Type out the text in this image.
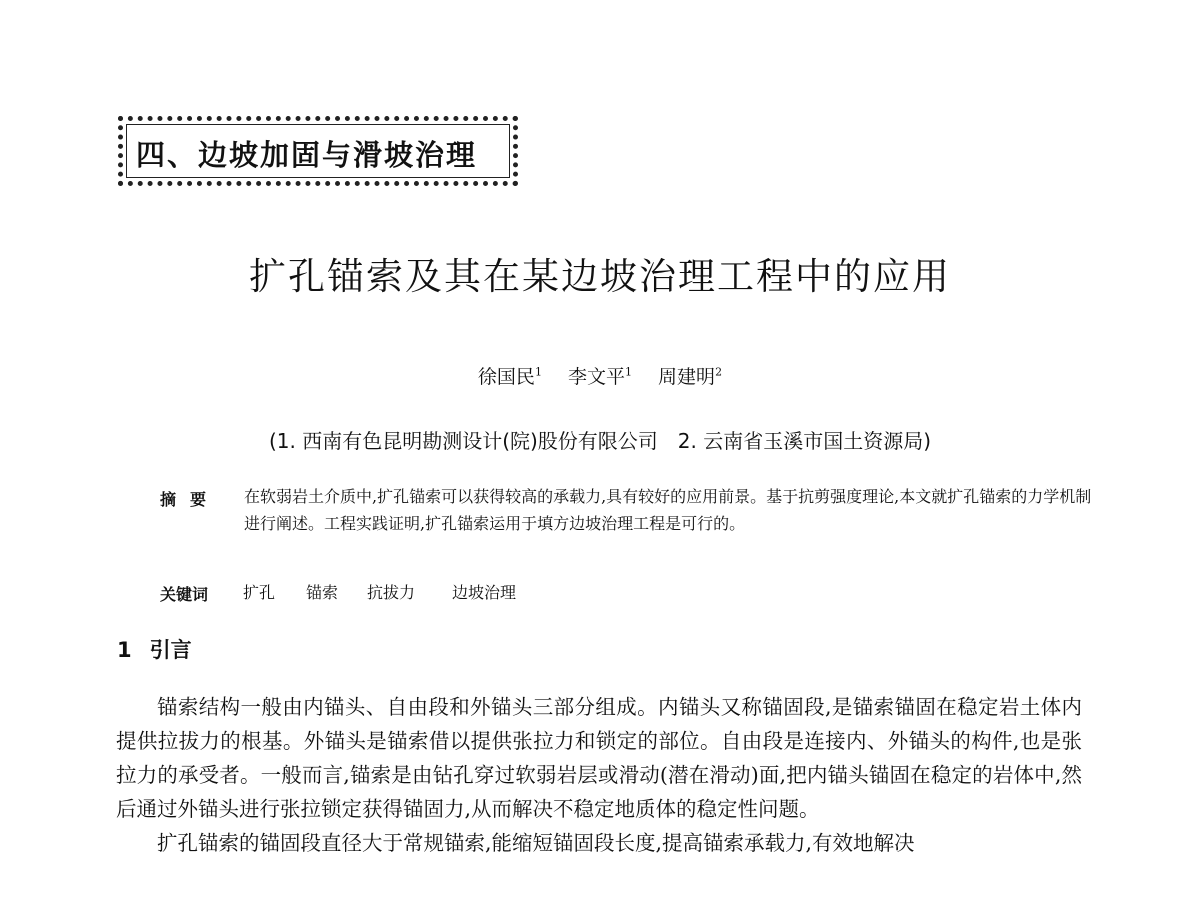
四、边坡加固与滑坡治理
扩孔锚索及其在某边坡治理工程中的应用
徐国民$^1$ 李文平$^1$ 周建明$^2$
(1. 西南有色昆明勘测设计(院)股份有限公司　2. 云南省玉溪市国土资源局)
摘要 在软弱岩土介质中,扩孔锚索可以获得较高的承载力,具有较好的应用前景。基于抗剪强度理论,本文就扩孔锚索的力学机制进行阐述。工程实践证明,扩孔锚索运用于填方边坡治理工程是可行的。
关键词 扩孔 锚索 抗拔力 边坡治理
1 引言

锚索结构一般由内锚头、自由段和外锚头三部分组成。内锚头又称锚固段,是锚索锚固在稳定岩土体内提供拉拔力的根基。外锚头是锚索借以提供张拉力和锁定的部位。自由段是连接内、外锚头的构件,也是张拉力的承受者。一般而言,锚索是由钻孔穿过软弱岩层或滑动(潜在滑动)面,把内锚头锚固在稳定的岩体中,然后通过外锚头进行张拉锁定获得锚固力,从而解决不稳定地质体的稳定性问题。

扩孔锚索的锚固段直径大于常规锚索,能缩短锚固段长度,提高锚索承载力,有效地解决
